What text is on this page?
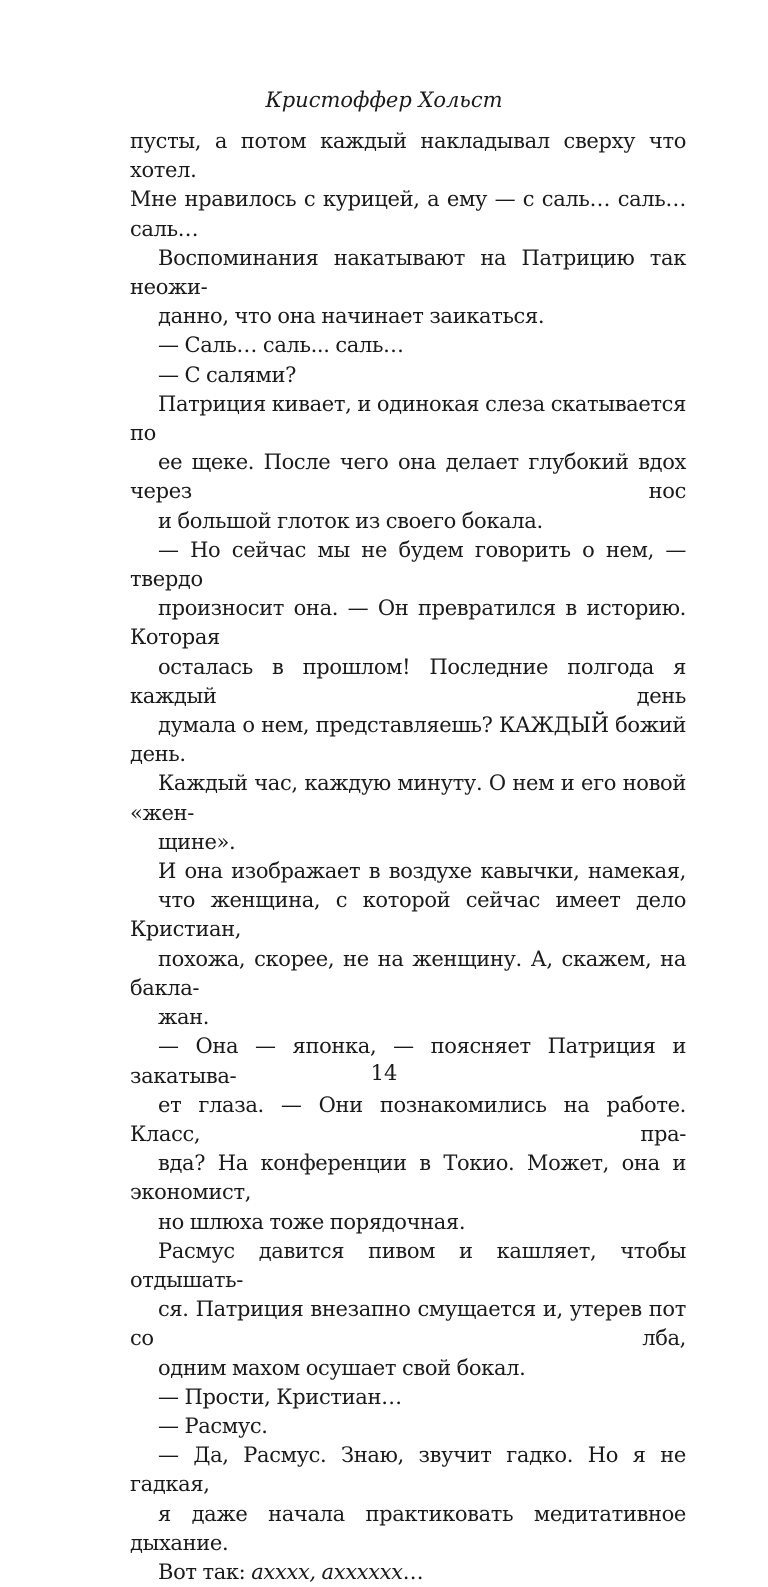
Кристоффер Хольст

пусты, а потом каждый накладывал сверху что хотел.
Мне нравилось с курицей, а ему — с саль… саль…
саль…

Воспоминания накатывают на Патрицию так неожи-
данно, что она начинает заикаться.

— Саль… саль... саль…

— С салями?

Патриция кивает, и одинокая слеза скатывается по
ее щеке. После чего она делает глубокий вдох через нос
и большой глоток из своего бокала.

— Но сейчас мы не будем говорить о нем, — твердо
произносит она. — Он превратился в историю. Которая
осталась в прошлом! Последние полгода я каждый день
думала о нем, представляешь? КАЖДЫЙ божий день.
Каждый час, каждую минуту. О нем и его новой «жен-
щине».

И она изображает в воздухе кавычки, намекая,
что женщина, с которой сейчас имеет дело Кристиан,
похожа, скорее, не на женщину. А, скажем, на бакла-
жан.

— Она — японка, — поясняет Патриция и закатыва-
ет глаза. — Они познакомились на работе. Класс, пра-
вда? На конференции в Токио. Может, она и экономист,
но шлюха тоже порядочная.

Расмус давится пивом и кашляет, чтобы отдышать-
ся. Патриция внезапно смущается и, утерев пот со лба,
одним махом осушает свой бокал.

— Прости, Кристиан…

— Расмус.

— Да, Расмус. Знаю, звучит гадко. Но я не гадкая,
я даже начала практиковать медитативное дыхание.
Вот так: ахххх, ахххххх…

14
